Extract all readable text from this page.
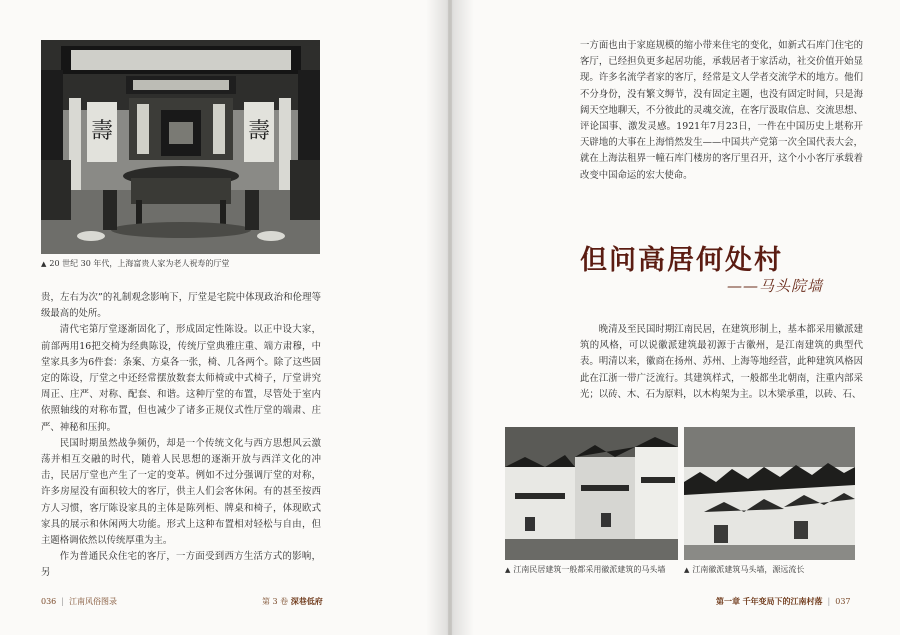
壽	壽
▲ 20 世纪 30 年代，上海富贵人家为老人祝寿的厅堂

贵，左右为次”的礼制观念影响下，厅堂是宅院中体现政治和伦理等级最高的处所。

清代宅第厅堂逐渐固化了，形成固定性陈设。以正中设大家，前部两用16把交椅为经典陈设，传统厅堂典雅庄重、端方肃穆，中堂家具多为6件套：条案、方桌各一张，椅、几各两个。除了这些固定的陈设，厅堂之中还经常摆放数套太师椅或中式椅子，厅堂讲究周正、庄严、对称、配套、和谐。这种厅堂的布置，尽管处于室内依照轴线的对称布置，但也减少了诸多正规仪式性厅堂的端肃、庄严、神秘和压抑。

民国时期虽然战争频仍，却是一个传统文化与西方思想风云激荡并相互交融的时代，随着人民思想的逐渐开放与西洋文化的冲击，民居厅堂也产生了一定的变革。例如不过分强调厅堂的对称，许多房屋没有面积较大的客厅，供主人们会客休闲。有的甚至按西方人习惯，客厅陈设家具的主体是陈列柜、牌桌和椅子，体现欧式家具的展示和休闲两大功能。形式上这种布置相对轻松与自由，但主题格调依然以传统厚重为主。

作为普通民众住宅的客厅，一方面受到西方生活方式的影响，另

036 | 江南风俗图录	第 3 卷 深巷低府

一方面也由于家庭规模的缩小带来住宅的变化，如新式石库门住宅的客厅，已经担负更多起居功能，承载居者于家活动，社交价值开始显现。许多名流学者家的客厅，经常是文人学者交流学术的地方。他们不分身份，没有繁文缛节，没有固定主题，也没有固定时间，只是海阔天空地聊天，不分彼此的灵魂交流，在客厅汲取信息、交流思想、评论国事、激发灵感。1921年7月23日，一件在中国历史上堪称开天辟地的大事在上海悄然发生——中国共产党第一次全国代表大会，就在上海法租界一幢石库门楼房的客厅里召开，这个小小客厅承载着改变中国命运的宏大使命。

但问高居何处村
——马头院墙

晚清及至民国时期江南民居，在建筑形制上，基本都采用徽派建筑的风格，可以说徽派建筑最初源于古徽州，是江南建筑的典型代表。明清以来，徽商在扬州、苏州、上海等地经营，此种建筑风格因此在江浙一带广泛流行。其建筑样式，一般都坐北朝南，注重内部采光；以砖、木、石为原料，以木构架为主。以木梁承重，以砖、石、

▲ 江南民居建筑一般都采用徽派建筑的马头墙	▲ 江南徽派建筑马头墙，源远流长
第一章 千年变局下的江南村落 | 037
